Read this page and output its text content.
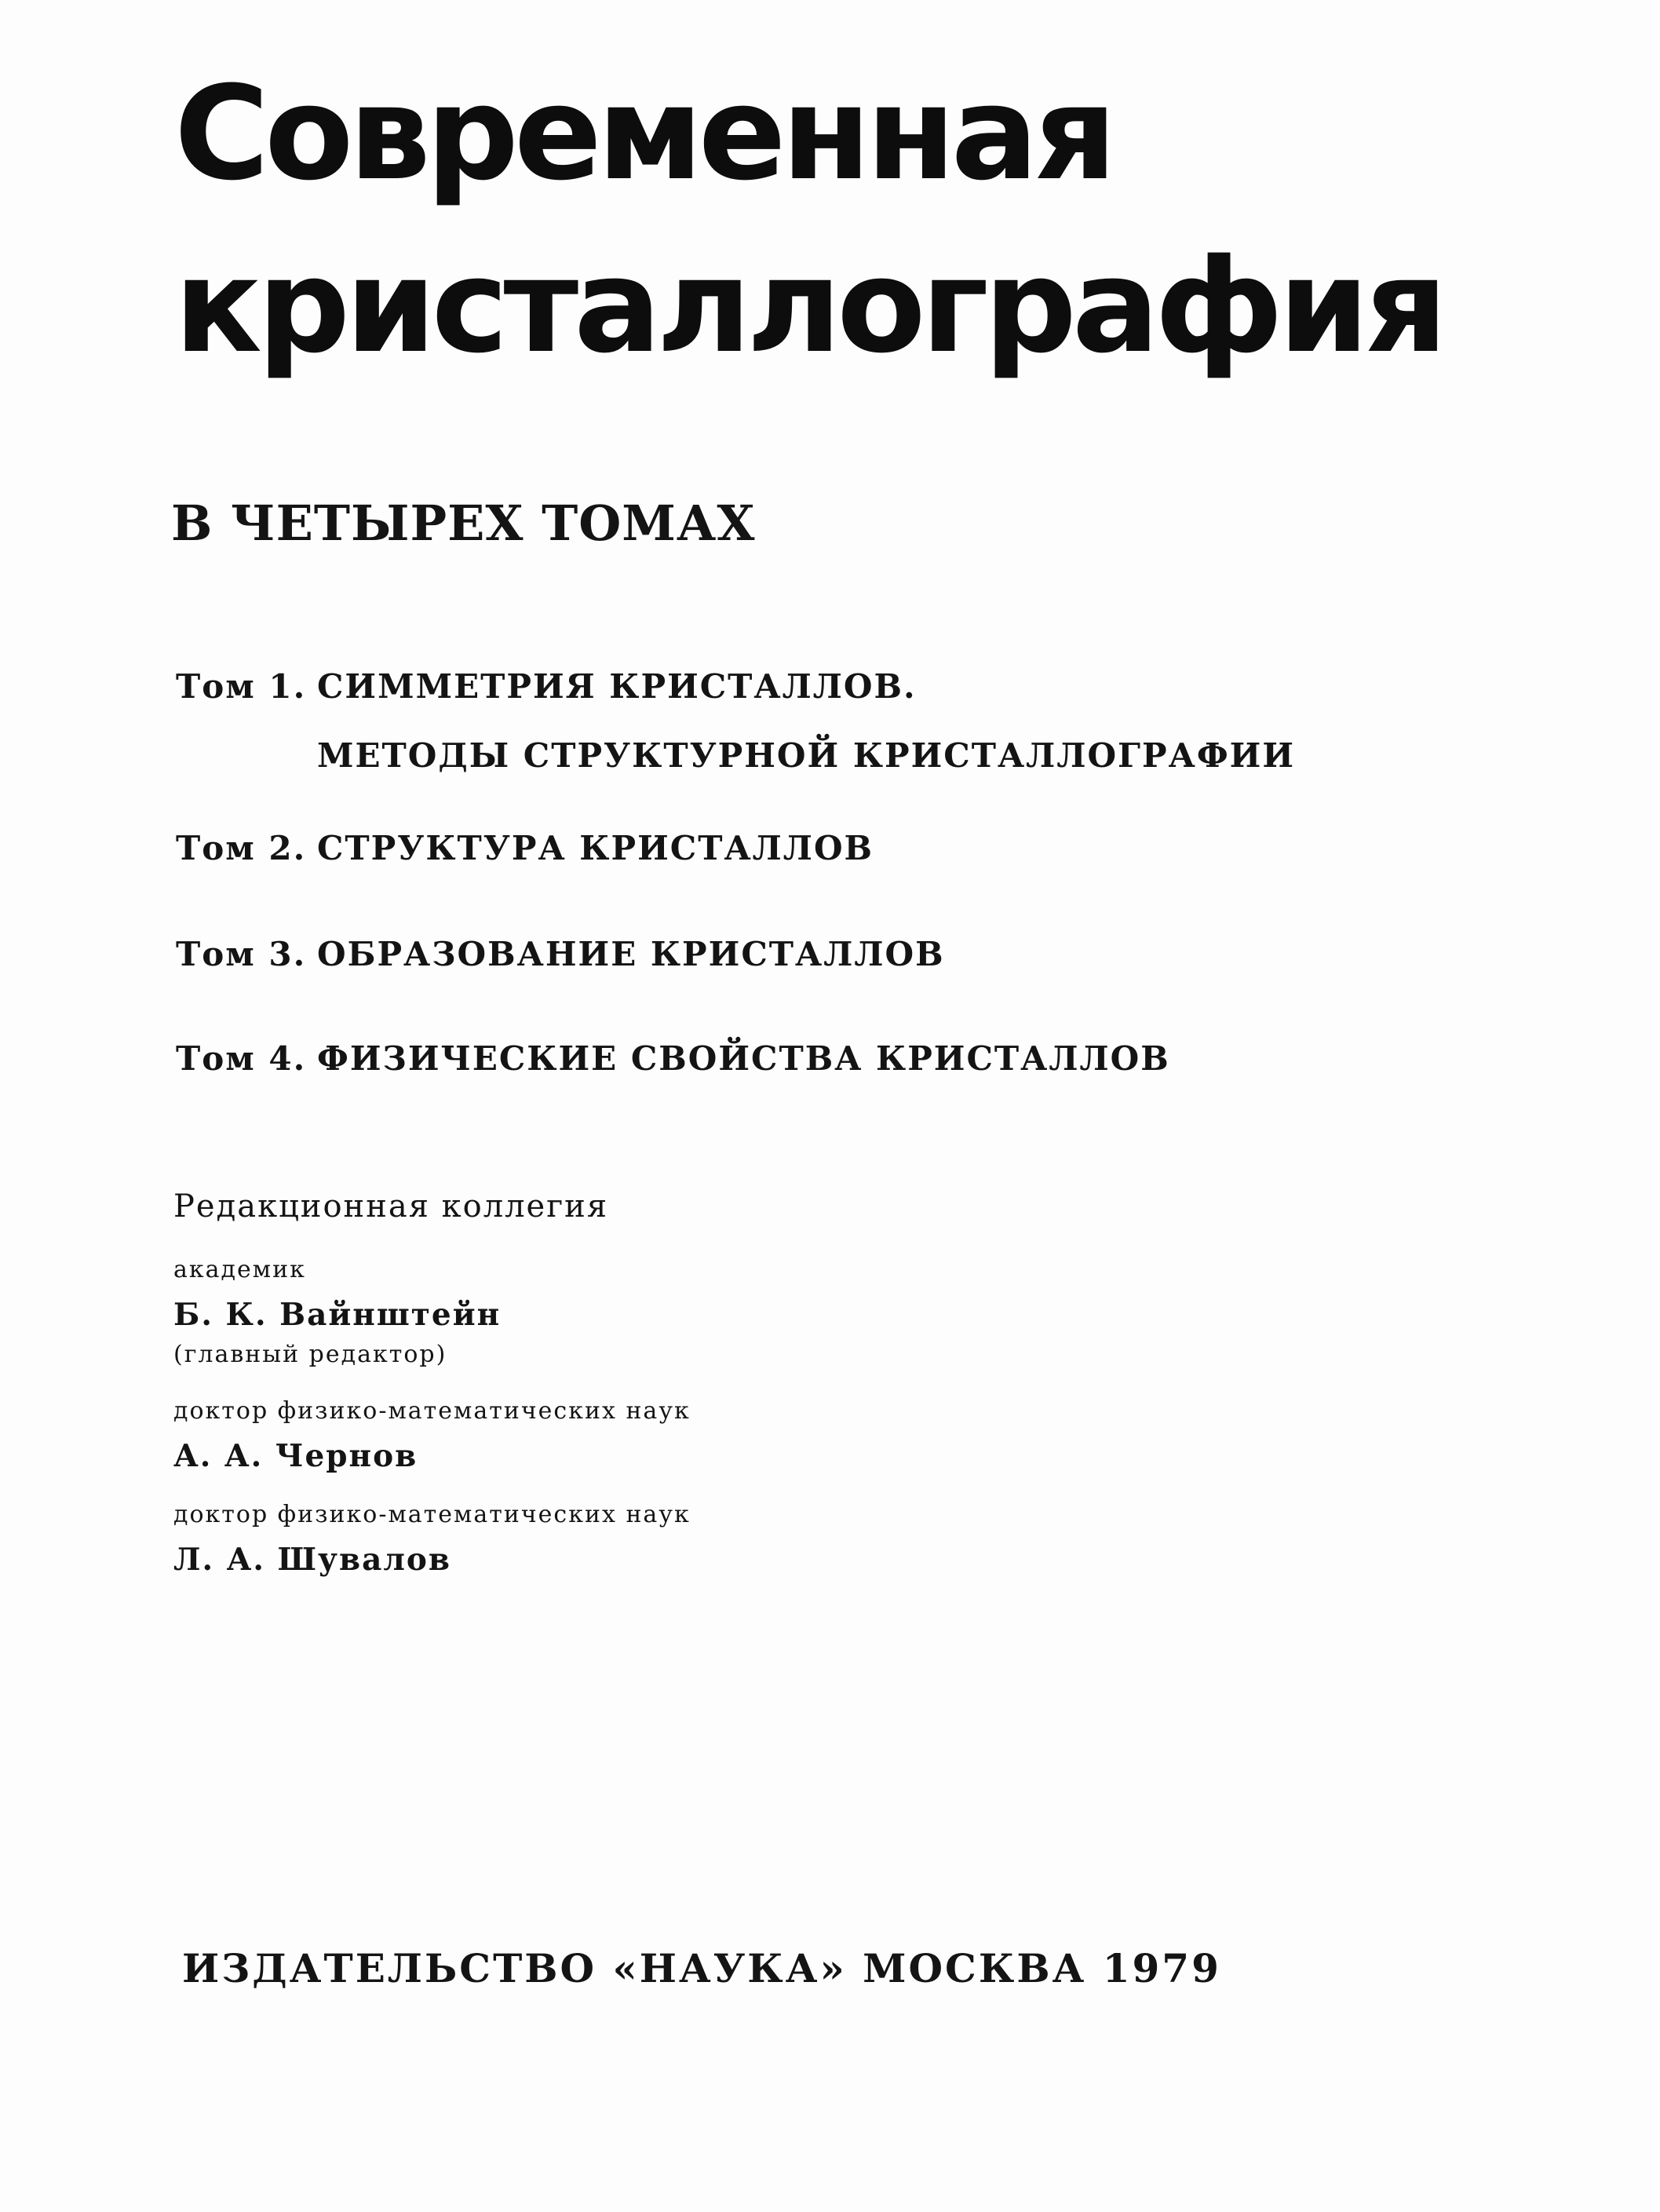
Современная
кристаллография
В ЧЕТЫРЕХ ТОМАХ
Том 1. СИММЕТРИЯ КРИСТАЛЛОВ.
МЕТОДЫ СТРУКТУРНОЙ КРИСТАЛЛОГРАФИИ
Том 2. СТРУКТУРА КРИСТАЛЛОВ
Том 3. ОБРАЗОВАНИЕ КРИСТАЛЛОВ
Том 4. ФИЗИЧЕСКИЕ СВОЙСТВА КРИСТАЛЛОВ
Редакционная коллегия
академик
Б. К. Вайнштейн
(главный редактор)
доктор физико-математических наук
А. А. Чернов
доктор физико-математических наук
Л. А. Шувалов
ИЗДАТЕЛЬСТВО «НАУКА» МОСКВА 1979
